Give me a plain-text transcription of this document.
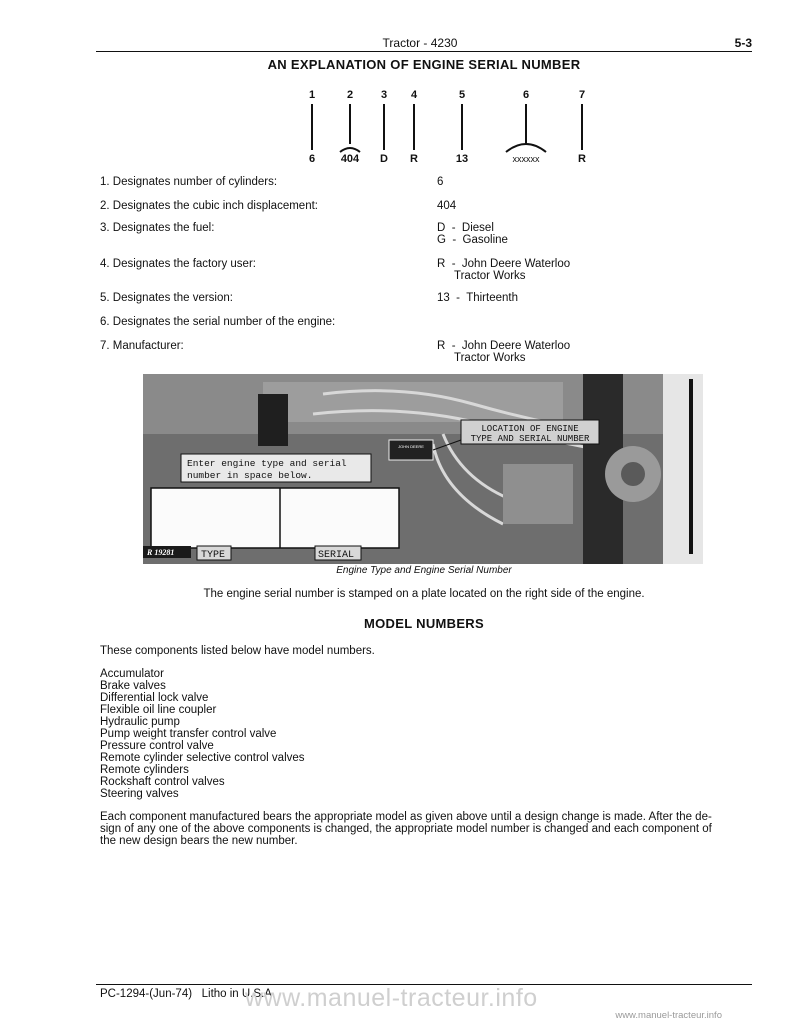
Tractor - 4230	5-3
AN EXPLANATION OF ENGINE SERIAL NUMBER
1	2	3 4	5	6	7
6 404 D R	13	xxxxxx	R
1. Designates number of cylinders:	6
2. Designates the cubic inch displacement:	404
3. Designates the fuel:	D  -  Diesel
G  -  Gasoline
4. Designates the factory user:	R  -  John Deere Waterloo
Tractor Works
5. Designates the version:	13  -  Thirteenth
6. Designates the serial number of the engine:
7. Manufacturer:	R  -  John Deere Waterloo
Tractor Works
JOHN DEERE
LOCATION OF ENGINE
TYPE AND SERIAL NUMBER
Enter engine type and serial
number in space below.
R 19281	TYPE	SERIAL
Engine Type and Engine Serial Number
The engine serial number is stamped on a plate located on the right side of the engine.
MODEL NUMBERS
These components listed below have model numbers.
Accumulator
Brake valves
Differential lock valve
Flexible oil line coupler
Hydraulic pump
Pump weight transfer control valve
Pressure control valve
Remote cylinder selective control valves
Remote cylinders
Rockshaft control valves
Steering valves
Each component manufactured bears the appropriate model as given above until a design change is made. After the de-
sign of any one of the above components is changed, the appropriate model number is changed and each component of
the new design bears the new number.
PC-1294-(Jun-74)   Litho in U.S.A.
www.manuel-tracteur.info
www.manuel-tracteur.info
